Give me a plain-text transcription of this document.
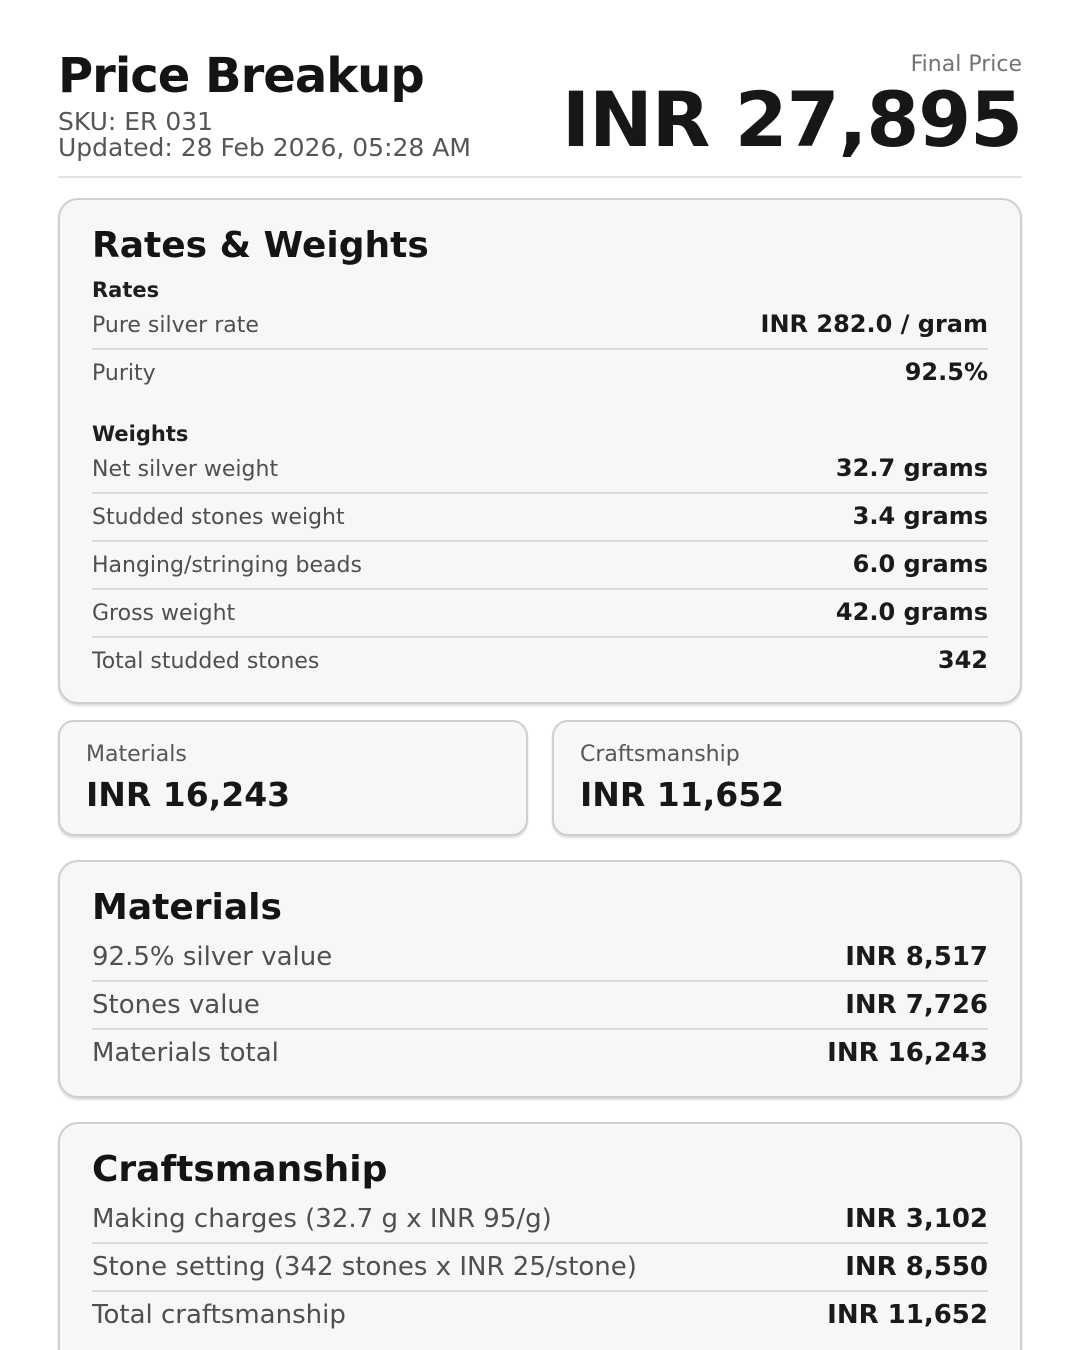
Price Breakup
SKU: ER 031
Updated: 28 Feb 2026, 05:28 AM
Final Price
INR 27,895
Rates & Weights
Rates
Pure silver rate	INR 282.0 / gram
Purity	92.5%
Weights
Net silver weight	32.7 grams
Studded stones weight	3.4 grams
Hanging/stringing beads	6.0 grams
Gross weight	42.0 grams
Total studded stones	342
Materials
INR 16,243
Craftsmanship
INR 11,652
Materials
92.5% silver value	INR 8,517
Stones value	INR 7,726
Materials total	INR 16,243
Craftsmanship
Making charges (32.7 g x INR 95/g)	INR 3,102
Stone setting (342 stones x INR 25/stone)	INR 8,550
Total craftsmanship	INR 11,652
